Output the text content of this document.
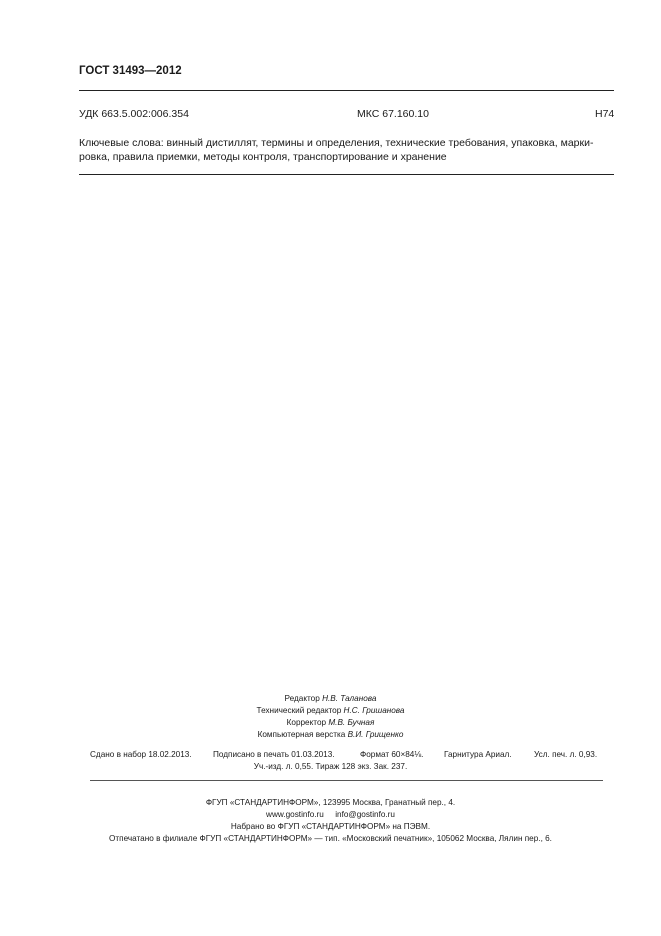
ГОСТ 31493—2012
УДК 663.5.002:006.354	МКС 67.160.10	Н74
Ключевые слова: винный дистиллят, термины и определения, технические требования, упаковка, марки-
ровка, правила приемки, методы контроля, транспортирование и хранение
Редактор Н.В. Таланова
Технический редактор Н.С. Гришанова
Корректор М.В. Бучная
Компьютерная верстка В.И. Грищенко
Сдано в набор 18.02.2013.	Подписано в печать 01.03.2013.	Формат 60×84⅛.	Гарнитура Ариал.	Усл. печ. л. 0,93.
Уч.-изд. л. 0,55. Тираж 128 экз. Зак. 237.
ФГУП «СТАНДАРТИНФОРМ», 123995 Москва, Гранатный пер., 4.
www.gostinfo.ru info@gostinfo.ru
Набрано во ФГУП «СТАНДАРТИНФОРМ» на ПЭВМ.
Отпечатано в филиале ФГУП «СТАНДАРТИНФОРМ» — тип. «Московский печатник», 105062 Москва, Лялин пер., 6.
